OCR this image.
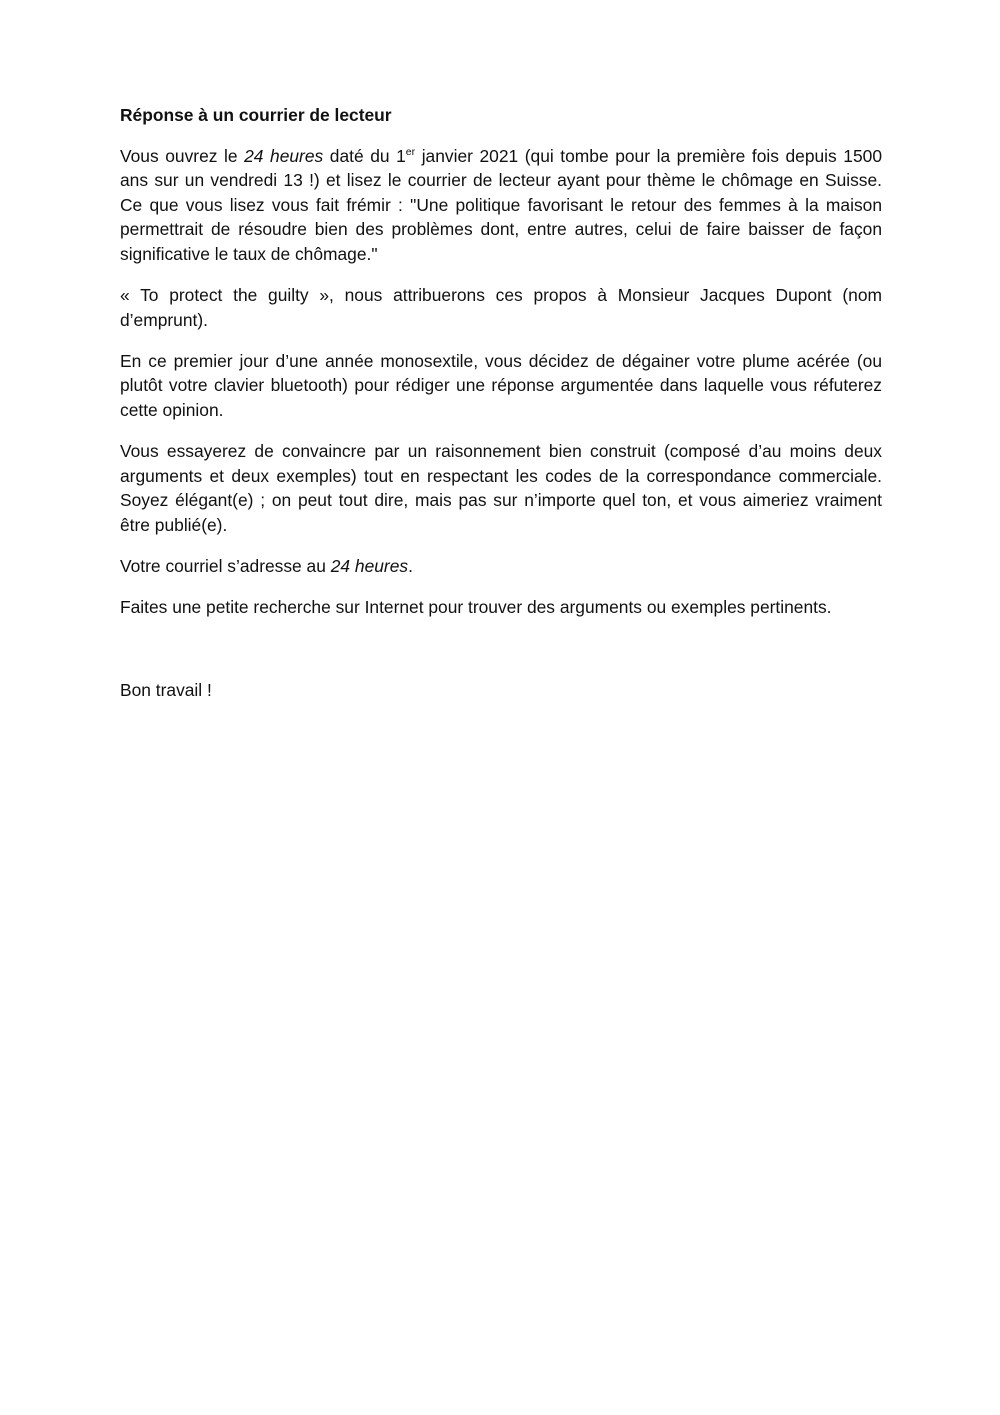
Réponse à un courrier de lecteur

Vous ouvrez le 24 heures daté du 1er janvier 2021 (qui tombe pour la première fois depuis 1500 ans sur un vendredi 13 !) et lisez le courrier de lecteur ayant pour thème le chômage en Suisse. Ce que vous lisez vous fait frémir : "Une politique favorisant le retour des femmes à la maison permettrait de résoudre bien des problèmes dont, entre autres, celui de faire baisser de façon significative le taux de chômage."

« To protect the guilty », nous attribuerons ces propos à Monsieur Jacques Dupont (nom d’emprunt).

En ce premier jour d’une année monosextile, vous décidez de dégainer votre plume acérée (ou plutôt votre clavier bluetooth) pour rédiger une réponse argumentée dans laquelle vous réfuterez cette opinion.

Vous essayerez de convaincre par un raisonnement bien construit (composé d’au moins deux arguments et deux exemples) tout en respectant les codes de la correspondance commerciale. Soyez élégant(e) ; on peut tout dire, mais pas sur n’importe quel ton, et vous aimeriez vraiment être publié(e).

Votre courriel s’adresse au 24 heures.

Faites une petite recherche sur Internet pour trouver des arguments ou exemples pertinents.

Bon travail !
